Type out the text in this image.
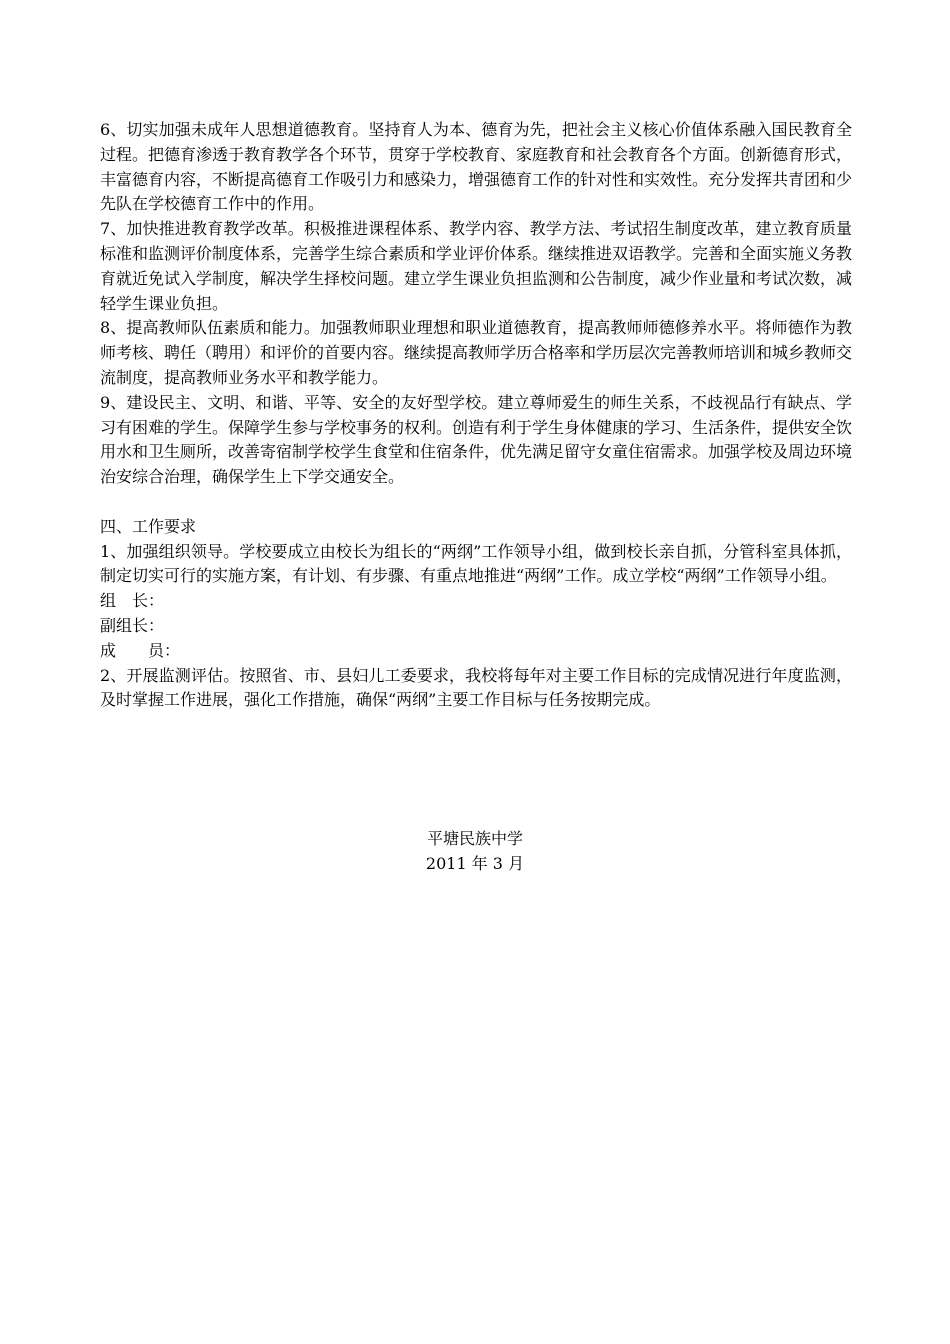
6、切实加强未成年人思想道德教育。坚持育人为本、德育为先，把社会主义核心价值体系融入国民教育全过程。把德育渗透于教育教学各个环节，贯穿于学校教育、家庭教育和社会教育各个方面。创新德育形式，丰富德育内容，不断提高德育工作吸引力和感染力，增强德育工作的针对性和实效性。充分发挥共青团和少先队在学校德育工作中的作用。

7、加快推进教育教学改革。积极推进课程体系、教学内容、教学方法、考试招生制度改革，建立教育质量标准和监测评价制度体系，完善学生综合素质和学业评价体系。继续推进双语教学。完善和全面实施义务教育就近免试入学制度，解决学生择校问题。建立学生课业负担监测和公告制度，减少作业量和考试次数，减轻学生课业负担。

8、提高教师队伍素质和能力。加强教师职业理想和职业道德教育，提高教师师德修养水平。将师德作为教师考核、聘任（聘用）和评价的首要内容。继续提高教师学历合格率和学历层次完善教师培训和城乡教师交流制度，提高教师业务水平和教学能力。

9、建设民主、文明、和谐、平等、安全的友好型学校。建立尊师爱生的师生关系，不歧视品行有缺点、学习有困难的学生。保障学生参与学校事务的权利。创造有利于学生身体健康的学习、生活条件，提供安全饮用水和卫生厕所，改善寄宿制学校学生食堂和住宿条件，优先满足留守女童住宿需求。加强学校及周边环境治安综合治理，确保学生上下学交通安全。

四、工作要求

1、加强组织领导。学校要成立由校长为组长的“两纲”工作领导小组，做到校长亲自抓，分管科室具体抓，制定切实可行的实施方案，有计划、有步骤、有重点地推进“两纲”工作。成立学校“两纲”工作领导小组。

组　长：

副组长：

成　　员：

2、开展监测评估。按照省、市、县妇儿工委要求，我校将每年对主要工作目标的完成情况进行年度监测，及时掌握工作进展，强化工作措施，确保“两纲”主要工作目标与任务按期完成。

平塘民族中学
2011 年 3 月
